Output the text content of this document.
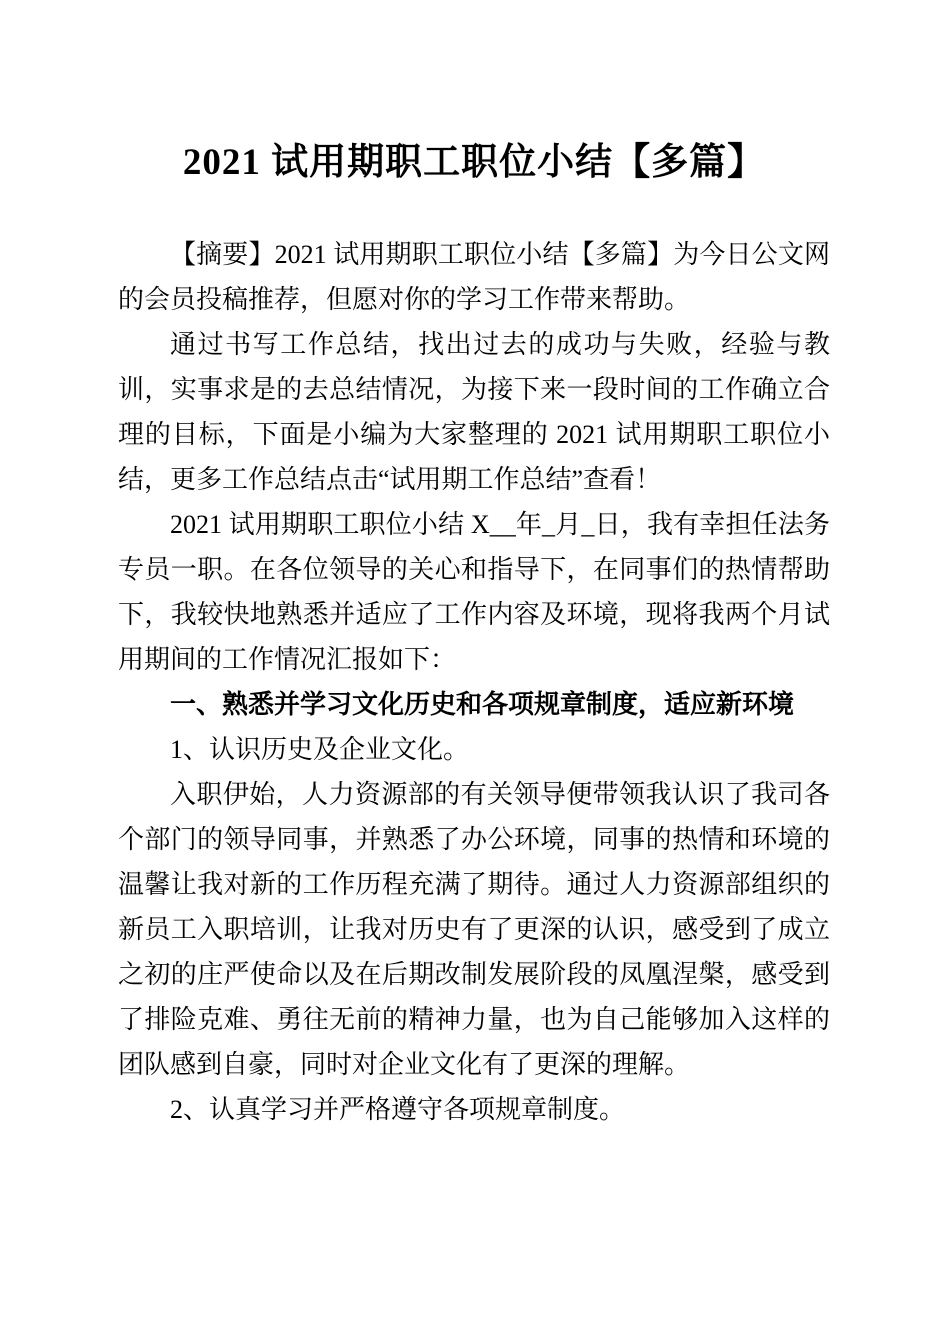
2021 试用期职工职位小结【多篇】

【摘要】2021 试用期职工职位小结【多篇】为今日公文网的会员投稿推荐，但愿对你的学习工作带来帮助。

通过书写工作总结，找出过去的成功与失败，经验与教训，实事求是的去总结情况，为接下来一段时间的工作确立合理的目标，下面是小编为大家整理的 2021 试用期职工职位小结，更多工作总结点击“试用期工作总结”查看！

2021 试用期职工职位小结 X__年_月_日，我有幸担任法务专员一职。在各位领导的关心和指导下，在同事们的热情帮助下，我较快地熟悉并适应了工作内容及环境，现将我两个月试用期间的工作情况汇报如下：

一、熟悉并学习文化历史和各项规章制度，适应新环境

1、认识历史及企业文化。

入职伊始，人力资源部的有关领导便带领我认识了我司各个部门的领导同事，并熟悉了办公环境，同事的热情和环境的温馨让我对新的工作历程充满了期待。通过人力资源部组织的新员工入职培训，让我对历史有了更深的认识，感受到了成立之初的庄严使命以及在后期改制发展阶段的凤凰涅槃，感受到了排险克难、勇往无前的精神力量，也为自己能够加入这样的团队感到自豪，同时对企业文化有了更深的理解。

2、认真学习并严格遵守各项规章制度。
